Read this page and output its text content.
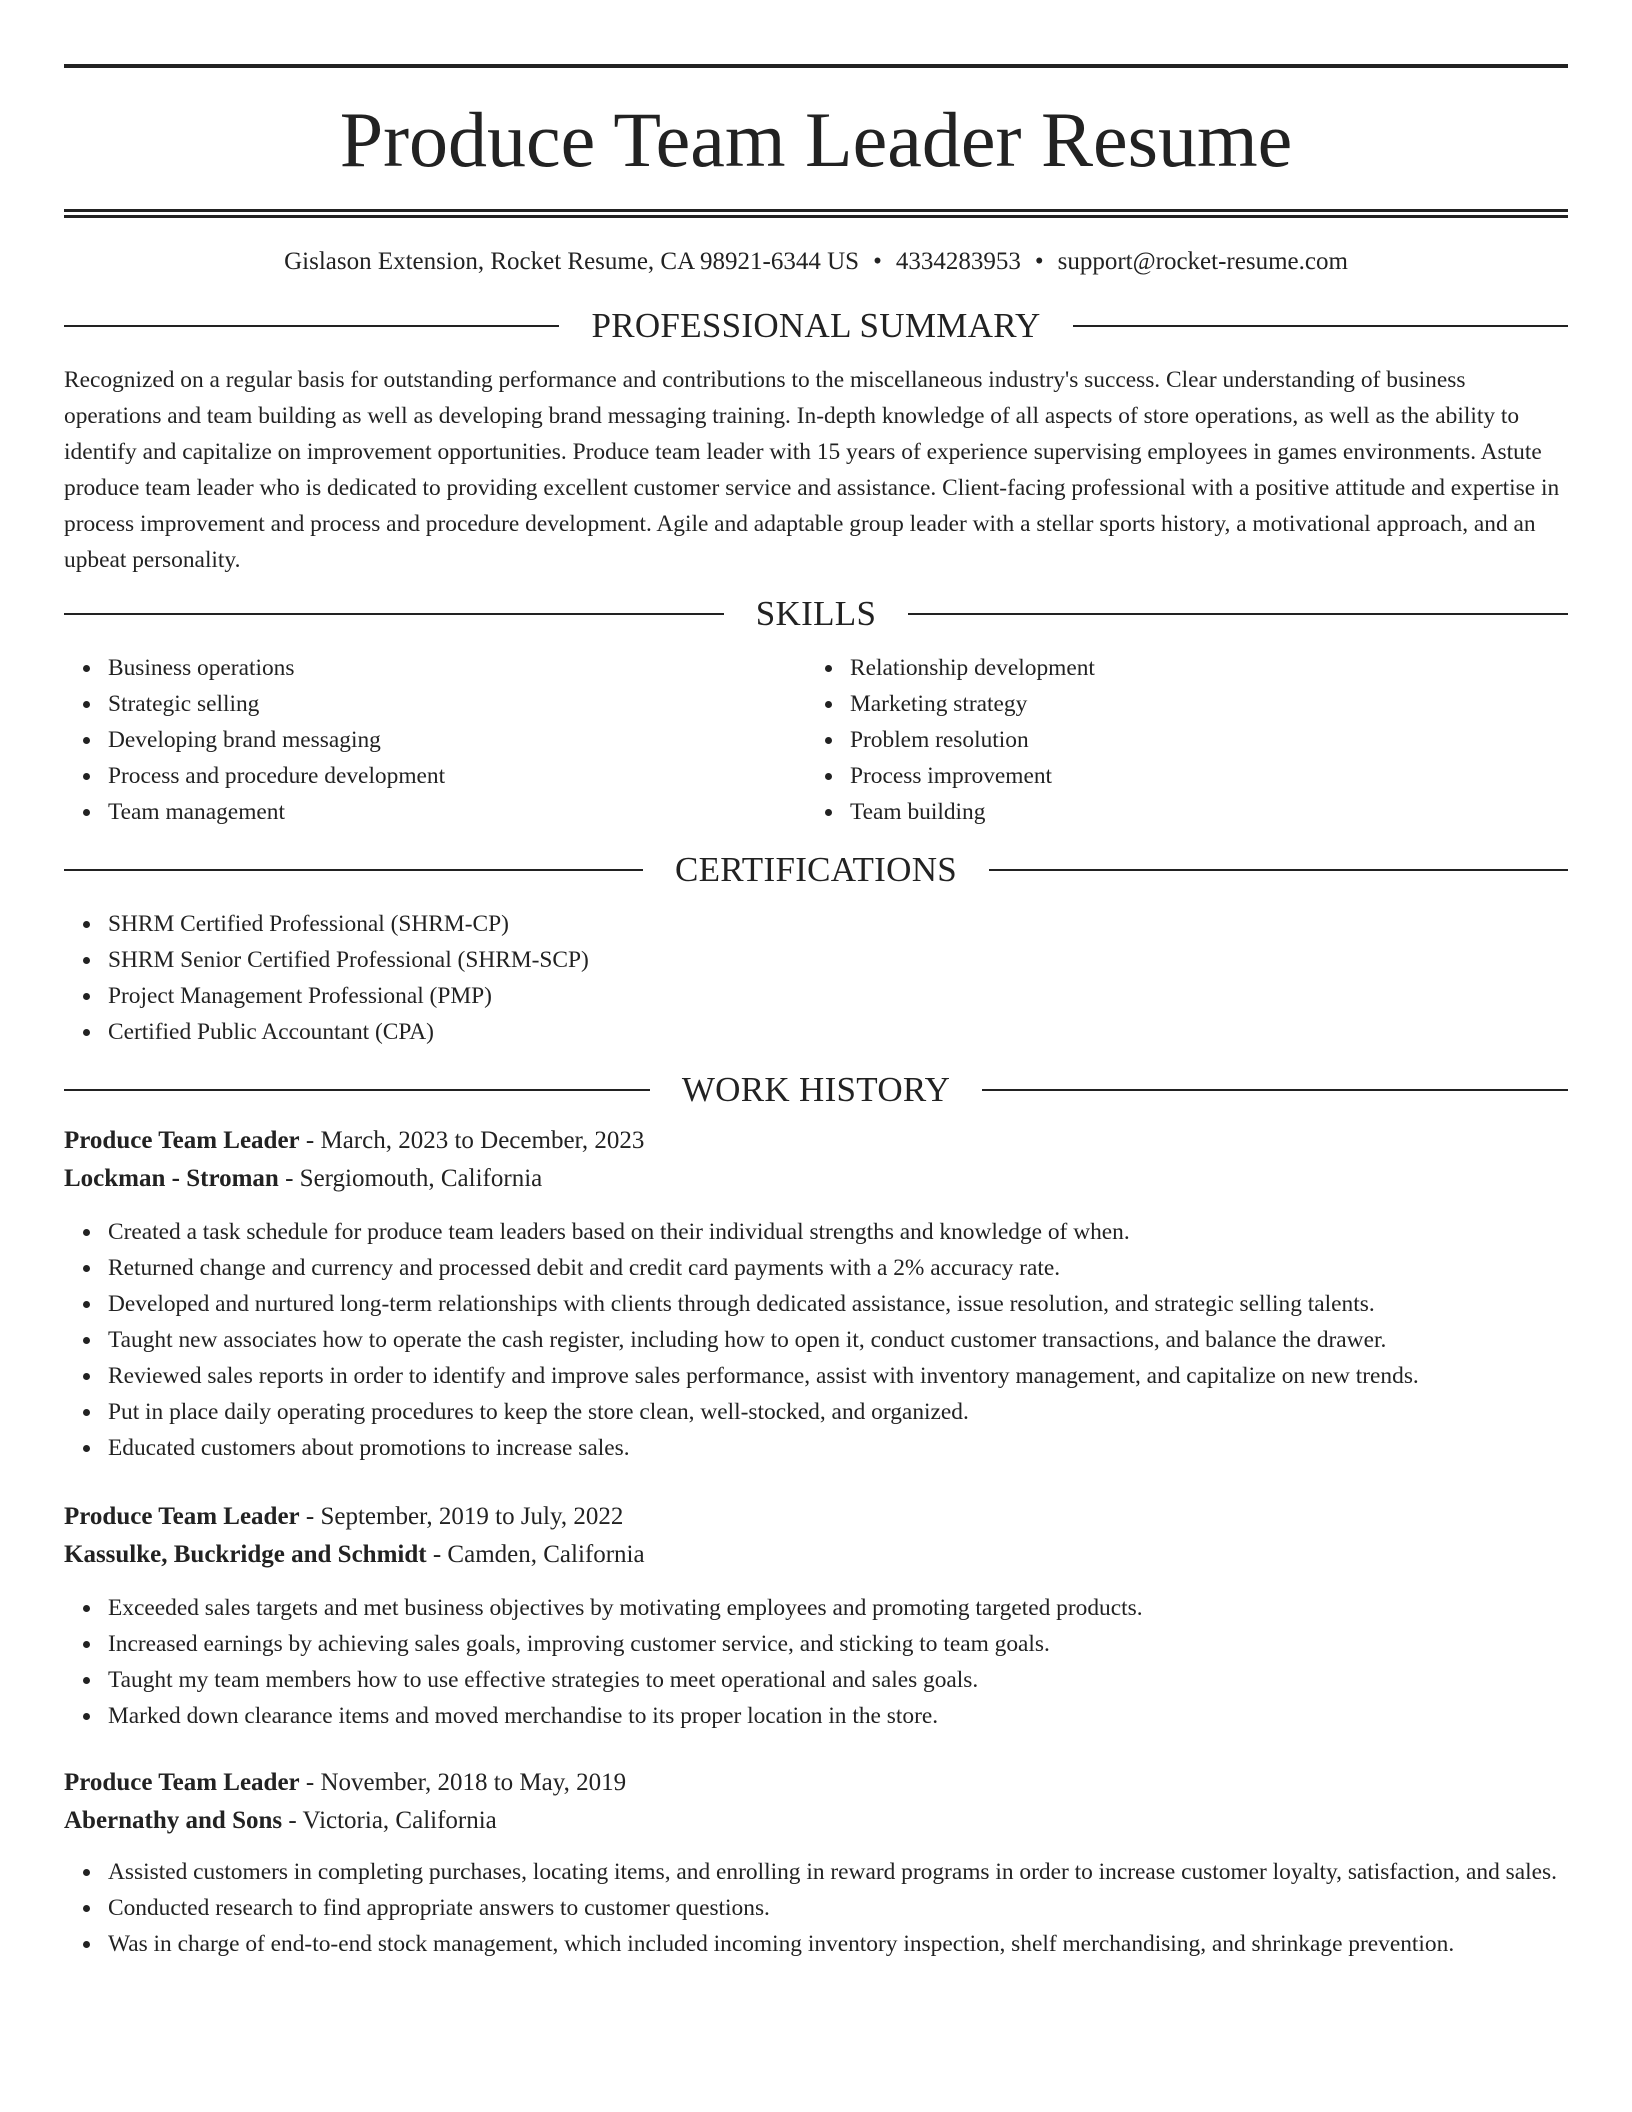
Produce Team Leader Resume
Gislason Extension, Rocket Resume, CA 98921-6344 US • 4334283953 • support@rocket-resume.com
PROFESSIONAL SUMMARY

Recognized on a regular basis for outstanding performance and contributions to the miscellaneous industry's success. Clear understanding of business operations and team building as well as developing brand messaging training. In-depth knowledge of all aspects of store operations, as well as the ability to identify and capitalize on improvement opportunities. Produce team leader with 15 years of experience supervising employees in games environments. Astute produce team leader who is dedicated to providing excellent customer service and assistance. Client-facing professional with a positive attitude and expertise in process improvement and process and procedure development. Agile and adaptable group leader with a stellar sports history, a motivational approach, and an upbeat personality.

SKILLS
Business operations
Strategic selling
Developing brand messaging
Process and procedure development
Team management
Relationship development
Marketing strategy
Problem resolution
Process improvement
Team building
CERTIFICATIONS
SHRM Certified Professional (SHRM-CP)
SHRM Senior Certified Professional (SHRM-SCP)
Project Management Professional (PMP)
Certified Public Accountant (CPA)
WORK HISTORY

Produce Team Leader - March, 2023 to December, 2023

Lockman - Stroman - Sergiomouth, California

Created a task schedule for produce team leaders based on their individual strengths and knowledge of when.
Returned change and currency and processed debit and credit card payments with a 2% accuracy rate.
Developed and nurtured long-term relationships with clients through dedicated assistance, issue resolution, and strategic selling talents.
Taught new associates how to operate the cash register, including how to open it, conduct customer transactions, and balance the drawer.
Reviewed sales reports in order to identify and improve sales performance, assist with inventory management, and capitalize on new trends.
Put in place daily operating procedures to keep the store clean, well-stocked, and organized.
Educated customers about promotions to increase sales.

Produce Team Leader - September, 2019 to July, 2022

Kassulke, Buckridge and Schmidt - Camden, California

Exceeded sales targets and met business objectives by motivating employees and promoting targeted products.
Increased earnings by achieving sales goals, improving customer service, and sticking to team goals.
Taught my team members how to use effective strategies to meet operational and sales goals.
Marked down clearance items and moved merchandise to its proper location in the store.

Produce Team Leader - November, 2018 to May, 2019

Abernathy and Sons - Victoria, California

Assisted customers in completing purchases, locating items, and enrolling in reward programs in order to increase customer loyalty, satisfaction, and sales.
Conducted research to find appropriate answers to customer questions.
Was in charge of end-to-end stock management, which included incoming inventory inspection, shelf merchandising, and shrinkage prevention.
